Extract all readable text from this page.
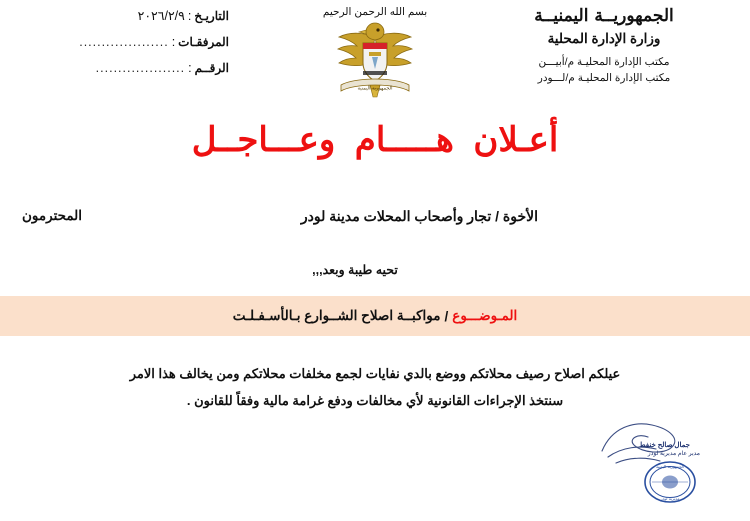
التاريـخ
:
٢٠٢٦/٢/٩
المرفقـات
:
....................
الرقــم
:
....................
بسم الله الرحمن الرحيم
الجمهورية اليمنية
الجمهوريــة اليمنيــة
وزارة الإدارة المحلية
مكتب الإدارة المحليـة م/أبيـــن
مكتب الإدارة المحليـة م/لـــودر
أعـلان هـــــام وعـــاجــل
الأخوة / تجار وأصحاب المحلات مدينة لودر
المحترمون
تحيه طيبة وبعد,,,
المـوضـــوع
/
مواكبــة اصلاح الشــوارع بـالأسـفـلـت
عيلكم اصلاح رصيف محلاتكم ووضع بالدي نفايات لجمع مخلفات محلاتكم ومن يخالف هذا الامر
سنتخذ الإجراءات القانونية لأي مخالفات ودفع غرامة مالية وفقاً للقانون .
جمال صالح خنفط
مدير عام مديرية لودر
الجمهورية اليمنية
مديرية لودر
